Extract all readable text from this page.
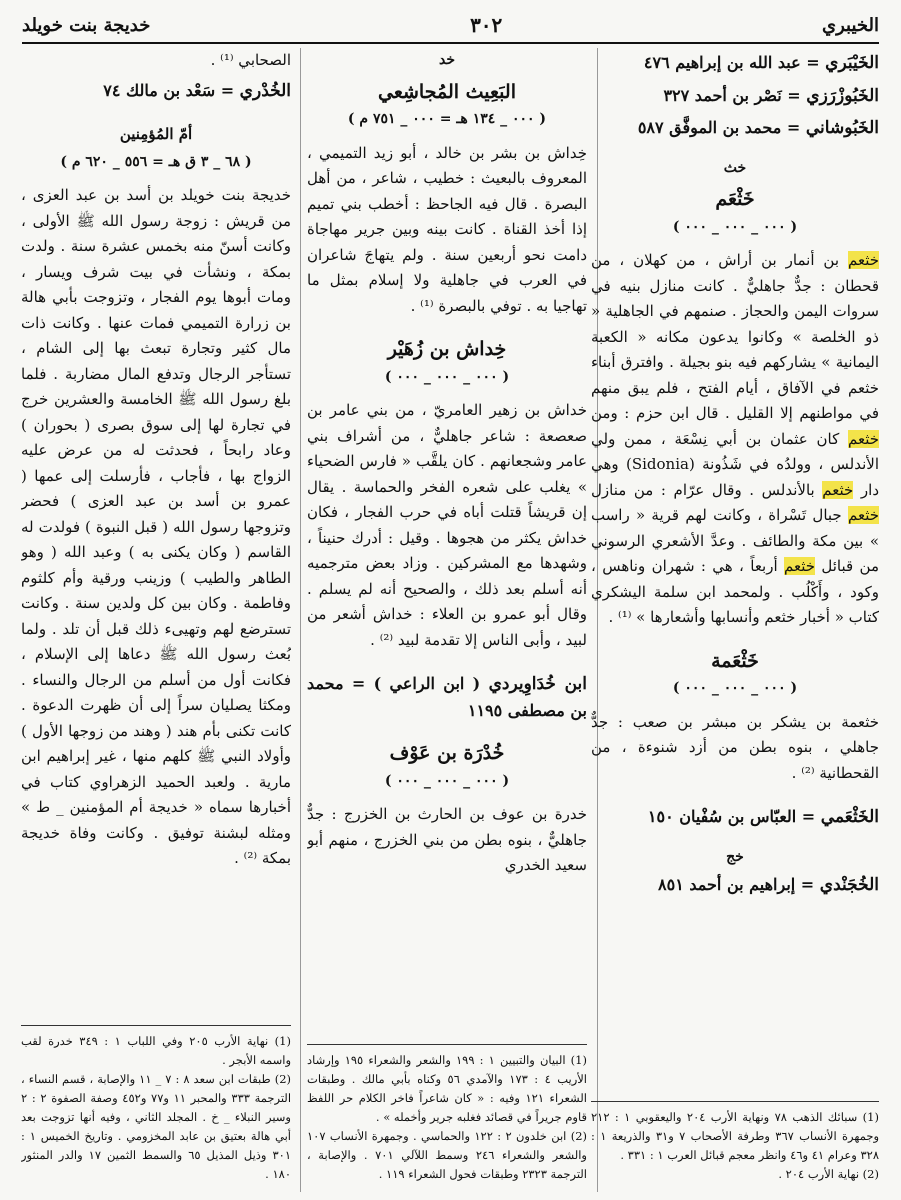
الخيبري
٣٠٢
خديجة بنت خويلد
الخَيْبَري = عبد الله بن إبراهيم ٤٧٦
الخَبُوزْرَزي = نَصْر بن أحمد ٣٢٧
الخَبُوشاني = محمد بن الموفَّق ٥٨٧
خث
خَثْعَم
( ٠٠٠ _ ٠٠٠ _ ٠٠٠ )

خثعم بن أنمار بن أراش ، من كهلان ، من قحطان : جدٌّ جاهليٌّ . كانت منازل بنيه في سروات اليمن والحجاز . صنمهم في الجاهلية « ذو الخلصة » وكانوا يدعون مكانه « الكعبة اليمانية » يشاركهم فيه بنو بجيلة . وافترق أبناء خثعم في الآفاق ، أيام الفتح ، فلم يبق منهم في مواطنهم إلا القليل . قال ابن حزم : ومن خثعم كان عثمان بن أبي نِسْعَة ، ممن ولي الأندلس ، وولدُه في شَذُونة (Sidonia) وهي دار خثعم بالأندلس . وقال عرّام : من منازل خثعم جبال تَسْراة ، وكانت لهم قرية « راسب » بين مكة والطائف . وعدَّ الأشعري الرسوني من قبائل خثعم أربعاً ، هي : شهران وناهس ، وكود ، وأَكْلُب . ولمحمد ابن سلمة اليشكري كتاب « أخبار خثعم وأنسابها وأشعارها » ⁽¹⁾ .

خَثْعَمة
( ٠٠٠ _ ٠٠٠ _ ٠٠٠ )

خثعمة بن يشكر بن مبشر بن صعب : جدٌّ جاهلي ، بنوه بطن من أزد شنوءة ، من القحطانية ⁽²⁾ .

الخَثْعَمي = العبّاس بن سُفْيان ١٥٠
خج
الخُجَنْدي = إبراهيم بن أحمد ٨٥١

(1) سبائك الذهب ٧٨ ونهاية الأرب ٢٠٤ واليعقوبي ١ : ٢١٢ وجمهرة الأنساب ٣٦٧ وطرفة الأصحاب ٧ و٣١ والذريعة ١ : ٣٢٨ وعرام ٤١ و٤٦ وانظر معجم قبائل العرب ١ : ٣٣١ .

(2) نهاية الأرب ٢٠٤ .

خد
البَعِيث المُجاشِعي
( ٠٠٠ _ ١٣٤ هـ = ٠٠٠ _ ٧٥١ م )

خِداش بن بشر بن خالد ، أبو زيد التميمي ، المعروف بالبعيث : خطيب ، شاعر ، من أهل البصرة . قال فيه الجاحظ : أخطب بني تميم إذا أخذ القناة . كانت بينه وبين جرير مهاجاة دامت نحو أربعين سنة . ولم يتهاجَ شاعران في العرب في جاهلية ولا إسلام بمثل ما تهاجيا به . توفي بالبصرة ⁽¹⁾ .

خِداش بن زُهَيْر
( ٠٠٠ _ ٠٠٠ _ ٠٠٠ )

خداش بن زهير العامريّ ، من بني عامر بن صعصعة : شاعر جاهليٌّ ، من أشراف بني عامر وشجعانهم . كان يلقَّب « فارس الضحياء » يغلب على شعره الفخر والحماسة . يقال إن قريشاً قتلت أباه في حرب الفجار ، فكان خداش يكثر من هجوها . وقيل : أدرك حنيناً ، وشهدها مع المشركين . وزاد بعض مترجميه أنه أسلم بعد ذلك ، والصحيح أنه لم يسلم . وقال أبو عمرو بن العلاء : خداش أشعر من لبيد ، وأبى الناس إلا تقدمة لبيد ⁽²⁾ .

ابن خُدَاوِيردي ( ابن الراعي ) = محمد بن مصطفى ١١٩٥
خُدْرَة بن عَوْف
( ٠٠٠ _ ٠٠٠ _ ٠٠٠ )

خدرة بن عوف بن الحارث بن الخزرج : جدٌّ جاهليٌّ ، بنوه بطن من بني الخزرج ، منهم أبو سعيد الخدري

(1) البيان والتبيين ١ : ١٩٩ والشعر والشعراء ١٩٥ وإرشاد الأريب ٤ : ١٧٣ والآمدي ٥٦ وكناه بأبي مالك . وطبقات الشعراء ١٢١ وفيه : « كان شاعراً فاخر الكلام حر اللفظ قاوم جريراً في قصائد فغلبه جرير وأخمله » .

(2) ابن خلدون ٢ : ١٢٢ والحماسي . وجمهرة الأنساب ١٠٧ والشعر والشعراء ٢٤٦ وسمط اللآلي ٧٠١ . والإصابة ، الترجمة ٢٣٢٣ وطبقات فحول الشعراء ١١٩ .

الصحابي ⁽¹⁾ .

الخُدْري = سَعْد بن مالك ٧٤
أمّ المُؤمِنين
( ٦٨ _ ٣ ق هـ = ٥٥٦ _ ٦٢٠ م )

خديجة بنت خويلد بن أسد بن عبد العزى ، من قريش : زوجة رسول الله ﷺ الأولى ، وكانت أسنّ منه بخمس عشرة سنة . ولدت بمكة ، ونشأت في بيت شرف ويسار ، ومات أبوها يوم الفجار ، وتزوجت بأبي هالة بن زرارة التميمي فمات عنها . وكانت ذات مال كثير وتجارة تبعث بها إلى الشام ، تستأجر الرجال وتدفع المال مضاربة . فلما بلغ رسول الله ﷺ الخامسة والعشرين خرج في تجارة لها إلى سوق بصرى ( بحوران ) وعاد رابحاً ، فحدثت له من عرض عليه الزواج بها ، فأجاب ، فأرسلت إلى عمها ( عمرو بن أسد بن عبد العزى ) فحضر وتزوجها رسول الله ( قبل النبوة ) فولدت له القاسم ( وكان يكنى به ) وعبد الله ( وهو الطاهر والطيب ) وزينب ورقية وأم كلثوم وفاطمة . وكان بين كل ولدين سنة . وكانت تسترضع لهم وتهيىء ذلك قبل أن تلد . ولما بُعث رسول الله ﷺ دعاها إلى الإسلام ، فكانت أول من أسلم من الرجال والنساء . ومكثا يصليان سراً إلى أن ظهرت الدعوة . كانت تكنى بأم هند ( وهند من زوجها الأول ) وأولاد النبي ﷺ كلهم منها ، غير إبراهيم ابن مارية . ولعبد الحميد الزهراوي كتاب في أخبارها سماه « خديجة أم المؤمنين _ ط » ومثله لبشنة توفيق . وكانت وفاة خديجة بمكة ⁽²⁾ .

(1) نهاية الأرب ٢٠٥ وفي اللباب ١ : ٣٤٩ خدرة لقب واسمه الأبجر .

(2) طبقات ابن سعد ٨ : ٧ _ ١١ والإصابة ، قسم النساء ، الترجمة ٣٣٣ والمحبر ١١ و٧٧ و٤٥٢ وصفة الصفوة ٢ : ٢ وسير النبلاء _ خ . المجلد الثاني ، وفيه أنها تزوجت بعد أبي هالة بعتيق بن عابد المخزومي . وتاريخ الخميس ١ : ٣٠١ وذيل المذيل ٦٥ والسمط الثمين ١٧ والدر المنثور ١٨٠ .
